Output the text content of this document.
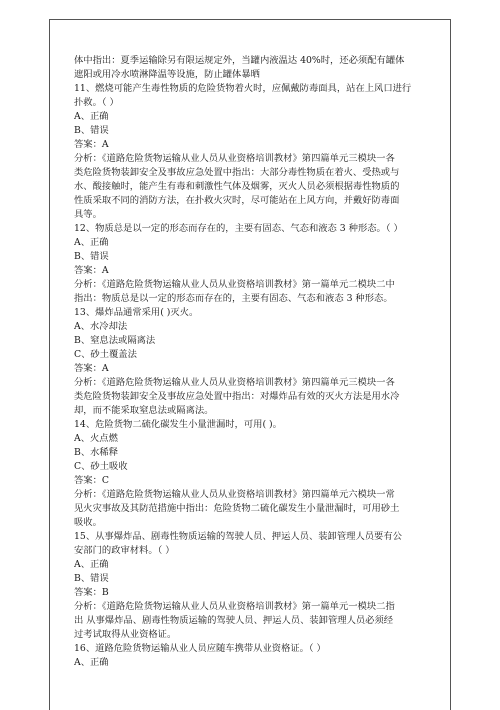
体中指出：夏季运输除另有限运规定外，当罐内液温达 40%时，还必须配有罐体
遮阳或用冷水喷淋降温等设施，防止罐体暴晒
11、燃烧可能产生毒性物质的危险货物着火时，应佩戴防毒面具，站在上风口进行
扑救。（ ）
A、正确
B、错误
答案：A
分析：《道路危险货物运输从业人员从业资格培训教材》第四篇单元三模块一各
类危险货物装卸安全及事故应急处置中指出：大部分毒性物质在着火、受热或与
水、酸接触时，能产生有毒和刺激性气体及烟雾，灭火人员必须根据毒性物质的
性质采取不同的消防方法，在扑救火灾时，尽可能站在上风方向，并戴好防毒面
具等。
12、物质总是以一定的形态而存在的，主要有固态、气态和液态 3 种形态。（ ）
A、正确
B、错误
答案：A
分析：《道路危险货物运输从业人员从业资格培训教材》第一篇单元二模块二中
指出：物质总是以一定的形态而存在的，主要有固态、气态和液态 3 种形态。
13、爆炸品通常采用( )灭火。
A、水冷却法
B、窒息法或隔离法
C、砂土覆盖法
答案：A
分析：《道路危险货物运输从业人员从业资格培训教材》第四篇单元三模块一各
类危险货物装卸安全及事故应急处置中指出：对爆炸品有效的灭火方法是用水冷
却，而不能采取窒息法或隔离法。
14、危险货物二硫化碳发生小量泄漏时，可用( )。
A、火点燃
B、水稀释
C、砂土吸收
答案：C
分析：《道路危险货物运输从业人员从业资格培训教材》第四篇单元六模块一常
见火灾事故及其防范措施中指出：危险货物二硫化碳发生小量泄漏时，可用砂土
吸收。
15、从事爆炸品、剧毒性物质运输的驾驶人员、押运人员、装卸管理人员要有公
安部门的政审材料。（ ）
A、正确
B、错误
答案：B
分析：《道路危险货物运输从业人员从业资格培训教材》第一篇单元一模块二指
出 从事爆炸品、剧毒性物质运输的驾驶人员、押运人员、装卸管理人员必须经
过考试取得从业资格证。
16、道路危险货物运输从业人员应随车携带从业资格证。（ ）
A、正确
